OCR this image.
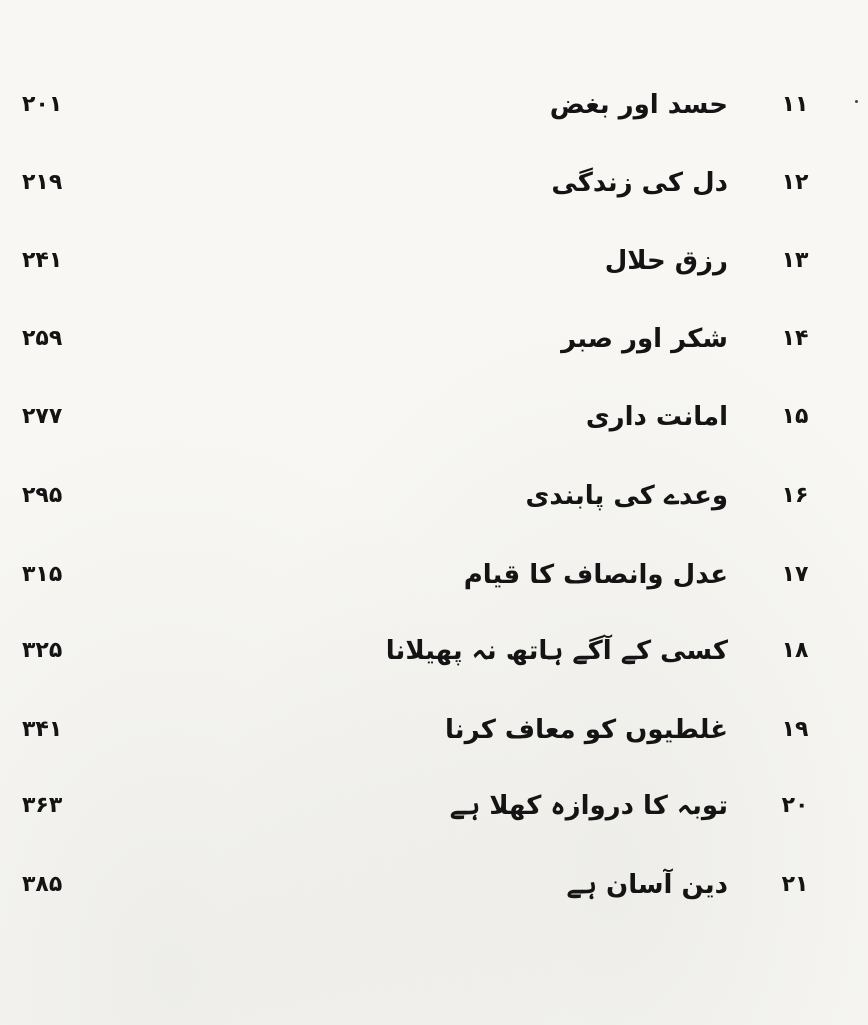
۱۱
حسد اور بغض
۲۰۱
۱۲
دل کی زندگی
۲۱۹
۱۳
رزق حلال
۲۴۱
۱۴
شکر اور صبر
۲۵۹
۱۵
امانت داری
۲۷۷
۱۶
وعدے کی پابندی
۲۹۵
۱۷
عدل وانصاف کا قیام
۳۱۵
۱۸
کسی کے آگے ہاتھ نہ پھیلانا
۳۲۵
۱۹
غلطیوں کو معاف کرنا
۳۴۱
۲۰
توبہ کا دروازہ کھلا ہے
۳۶۳
۲۱
دین آسان ہے
۳۸۵
